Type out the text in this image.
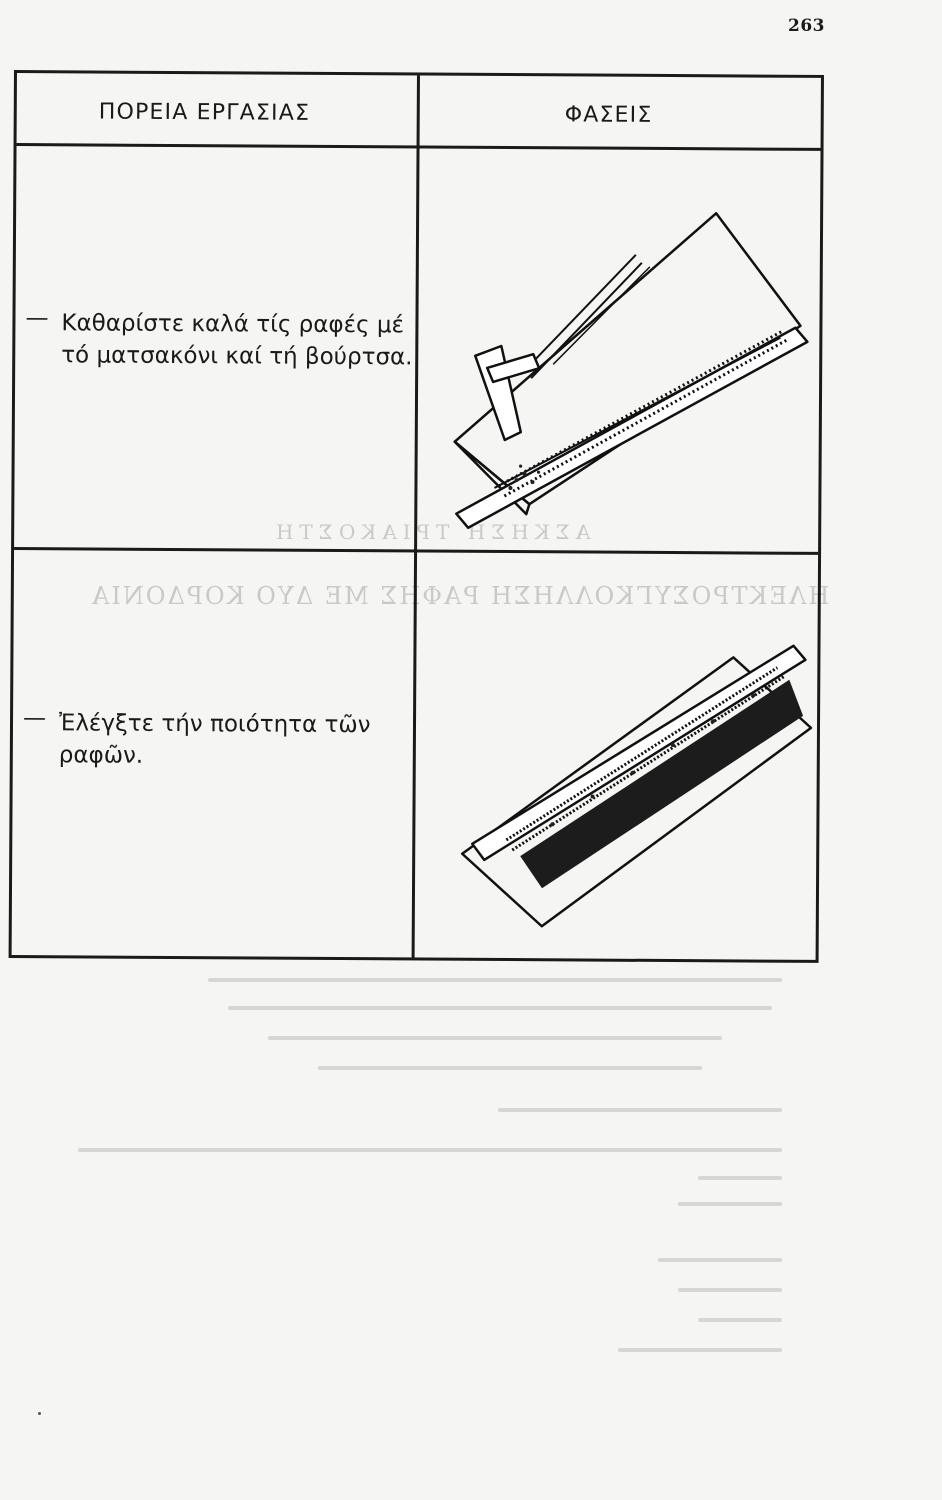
ΑΣΚΗΣΗ ΤΡΙΑΚΟΣΤΗ
ΗΛΕΚΤΡΟΣΥΓΚΟΛΛΗΣΗ ΡΑΦΗΣ ΜΕ ΔΥΟ ΚΟΡΔΟΝΙΑ
263
ΠΟΡΕΙΑ ΕΡΓΑΣΙΑΣ	ΦΑΣΕΙΣ
— Καθαρίστε καλά τίς ραφές μέ
τό ματσακόνι καί τή βούρτσα.
— Ἐλέγξτε τήν ποιότητα τῶν
ραφῶν.
